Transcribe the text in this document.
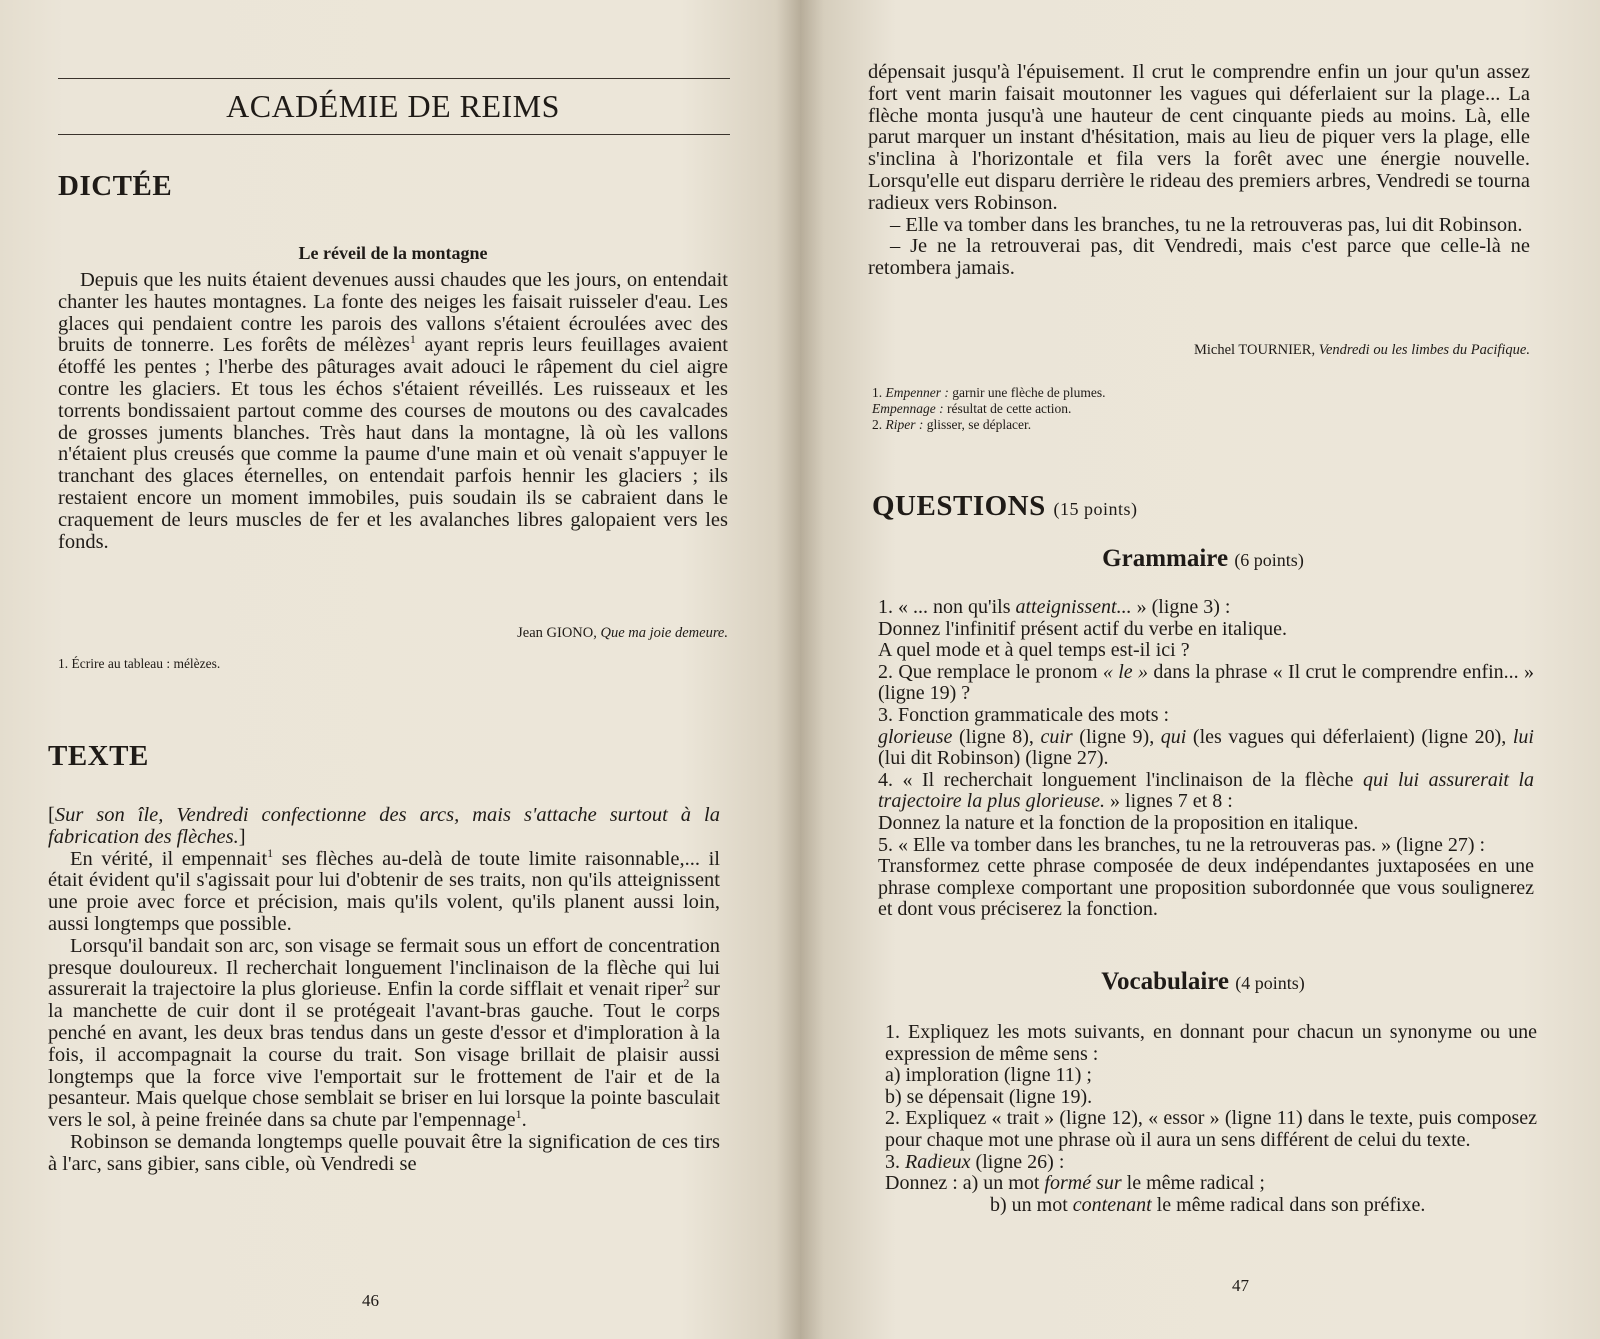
ACADÉMIE DE REIMS
DICTÉE
Le réveil de la montagne

Depuis que les nuits étaient devenues aussi chaudes que les jours, on entendait chanter les hautes montagnes. La fonte des neiges les faisait ruisseler d'eau. Les glaces qui pendaient contre les parois des vallons s'étaient écroulées avec des bruits de tonnerre. Les forêts de mélèzes$^1$ ayant repris leurs feuillages avaient étoffé les pentes ; l'herbe des pâturages avait adouci le râpement du ciel aigre contre les glaciers. Et tous les échos s'étaient réveillés. Les ruisseaux et les torrents bondissaient partout comme des courses de moutons ou des cavalcades de grosses juments blanches. Très haut dans la montagne, là où les vallons n'étaient plus creusés que comme la paume d'une main et où venait s'appuyer le tranchant des glaces éternelles, on entendait parfois hennir les glaciers ; ils restaient encore un moment immobiles, puis soudain ils se cabraient dans le craquement de leurs muscles de fer et les avalanches libres galopaient vers les fonds.

Jean GIONO, Que ma joie demeure.
1. Écrire au tableau : mélèzes.
TEXTE

[Sur son île, Vendredi confectionne des arcs, mais s'attache surtout à la fabrication des flèches.]

En vérité, il empennait$^1$ ses flèches au-delà de toute limite raisonnable,... il était évident qu'il s'agissait pour lui d'obtenir de ses traits, non qu'ils atteignissent une proie avec force et précision, mais qu'ils volent, qu'ils planent aussi loin, aussi longtemps que possible.

Lorsqu'il bandait son arc, son visage se fermait sous un effort de concentration presque douloureux. Il recherchait longuement l'inclinaison de la flèche qui lui assurerait la trajectoire la plus glorieuse. Enfin la corde sifflait et venait riper$^2$ sur la manchette de cuir dont il se protégeait l'avant-bras gauche. Tout le corps penché en avant, les deux bras tendus dans un geste d'essor et d'imploration à la fois, il accompagnait la course du trait. Son visage brillait de plaisir aussi longtemps que la force vive l'emportait sur le frottement de l'air et de la pesanteur. Mais quelque chose semblait se briser en lui lorsque la pointe basculait vers le sol, à peine freinée dans sa chute par l'empennage$^1$.

Robinson se demanda longtemps quelle pouvait être la signification de ces tirs à l'arc, sans gibier, sans cible, où Vendredi se

46

dépensait jusqu'à l'épuisement. Il crut le comprendre enfin un jour qu'un assez fort vent marin faisait moutonner les vagues qui déferlaient sur la plage... La flèche monta jusqu'à une hauteur de cent cinquante pieds au moins. Là, elle parut marquer un instant d'hésitation, mais au lieu de piquer vers la plage, elle s'inclina à l'horizontale et fila vers la forêt avec une énergie nouvelle. Lorsqu'elle eut disparu derrière le rideau des premiers arbres, Vendredi se tourna radieux vers Robinson.

– Elle va tomber dans les branches, tu ne la retrouveras pas, lui dit Robinson.

– Je ne la retrouverai pas, dit Vendredi, mais c'est parce que celle-là ne retombera jamais.

Michel TOURNIER, Vendredi ou les limbes du Pacifique.
1. Empenner : garnir une flèche de plumes.
Empennage : résultat de cette action.
2. Riper : glisser, se déplacer.
QUESTIONS (15 points)
Grammaire (6 points)

1. « ... non qu'ils atteignissent... » (ligne 3) :

Donnez l'infinitif présent actif du verbe en italique.

A quel mode et à quel temps est-il ici ?

2. Que remplace le pronom « le » dans la phrase « Il crut le comprendre enfin... » (ligne 19) ?

3. Fonction grammaticale des mots :

glorieuse (ligne 8), cuir (ligne 9), qui (les vagues qui déferlaient) (ligne 20), lui (lui dit Robinson) (ligne 27).

4. « Il recherchait longuement l'inclinaison de la flèche qui lui assurerait la trajectoire la plus glorieuse. » lignes 7 et 8 :

Donnez la nature et la fonction de la proposition en italique.

5. « Elle va tomber dans les branches, tu ne la retrouveras pas. » (ligne 27) :

Transformez cette phrase composée de deux indépendantes juxtaposées en une phrase complexe comportant une proposition subordonnée que vous soulignerez et dont vous préciserez la fonction.

Vocabulaire (4 points)

1. Expliquez les mots suivants, en donnant pour chacun un synonyme ou une expression de même sens :

a) imploration (ligne 11) ;

b) se dépensait (ligne 19).

2. Expliquez « trait » (ligne 12), « essor » (ligne 11) dans le texte, puis composez pour chaque mot une phrase où il aura un sens différent de celui du texte.

3. Radieux (ligne 26) :

Donnez : a) un mot formé sur le même radical ;

b) un mot contenant le même radical dans son préfixe.

47
